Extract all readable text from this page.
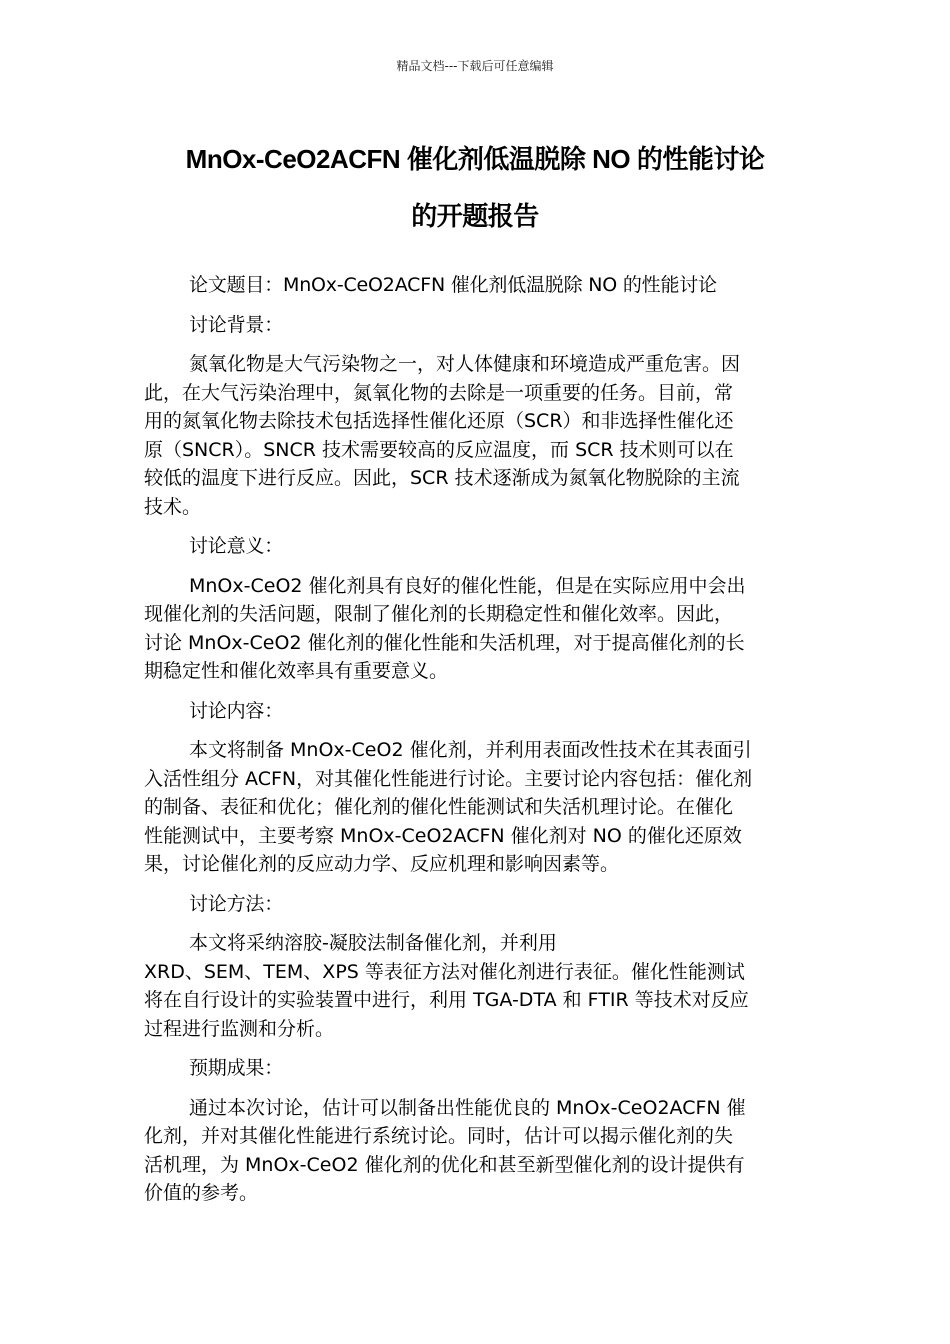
精品文档---下载后可任意编辑
MnOx-CeO2ACFN 催化剂低温脱除 NO 的性能讨论
的开题报告

论文题目：MnOx-CeO2ACFN 催化剂低温脱除 NO 的性能讨论

讨论背景：

氮氧化物是大气污染物之一，对人体健康和环境造成严重危害。因
此，在大气污染治理中，氮氧化物的去除是一项重要的任务。目前，常
用的氮氧化物去除技术包括选择性催化还原（SCR）和非选择性催化还
原（SNCR）。SNCR 技术需要较高的反应温度，而 SCR 技术则可以在
较低的温度下进行反应。因此，SCR 技术逐渐成为氮氧化物脱除的主流
技术。

讨论意义：

MnOx-CeO2 催化剂具有良好的催化性能，但是在实际应用中会出
现催化剂的失活问题，限制了催化剂的长期稳定性和催化效率。因此，
讨论 MnOx-CeO2 催化剂的催化性能和失活机理，对于提高催化剂的长
期稳定性和催化效率具有重要意义。

讨论内容：

本文将制备 MnOx-CeO2 催化剂，并利用表面改性技术在其表面引
入活性组分 ACFN，对其催化性能进行讨论。主要讨论内容包括：催化剂
的制备、表征和优化；催化剂的催化性能测试和失活机理讨论。在催化
性能测试中，主要考察 MnOx-CeO2ACFN 催化剂对 NO 的催化还原效
果，讨论催化剂的反应动力学、反应机理和影响因素等。

讨论方法：

本文将采纳溶胶-凝胶法制备催化剂，并利用
XRD、SEM、TEM、XPS 等表征方法对催化剂进行表征。催化性能测试
将在自行设计的实验装置中进行，利用 TGA-DTA 和 FTIR 等技术对反应
过程进行监测和分析。

预期成果：

通过本次讨论，估计可以制备出性能优良的 MnOx-CeO2ACFN 催
化剂，并对其催化性能进行系统讨论。同时，估计可以揭示催化剂的失
活机理，为 MnOx-CeO2 催化剂的优化和甚至新型催化剂的设计提供有
价值的参考。
